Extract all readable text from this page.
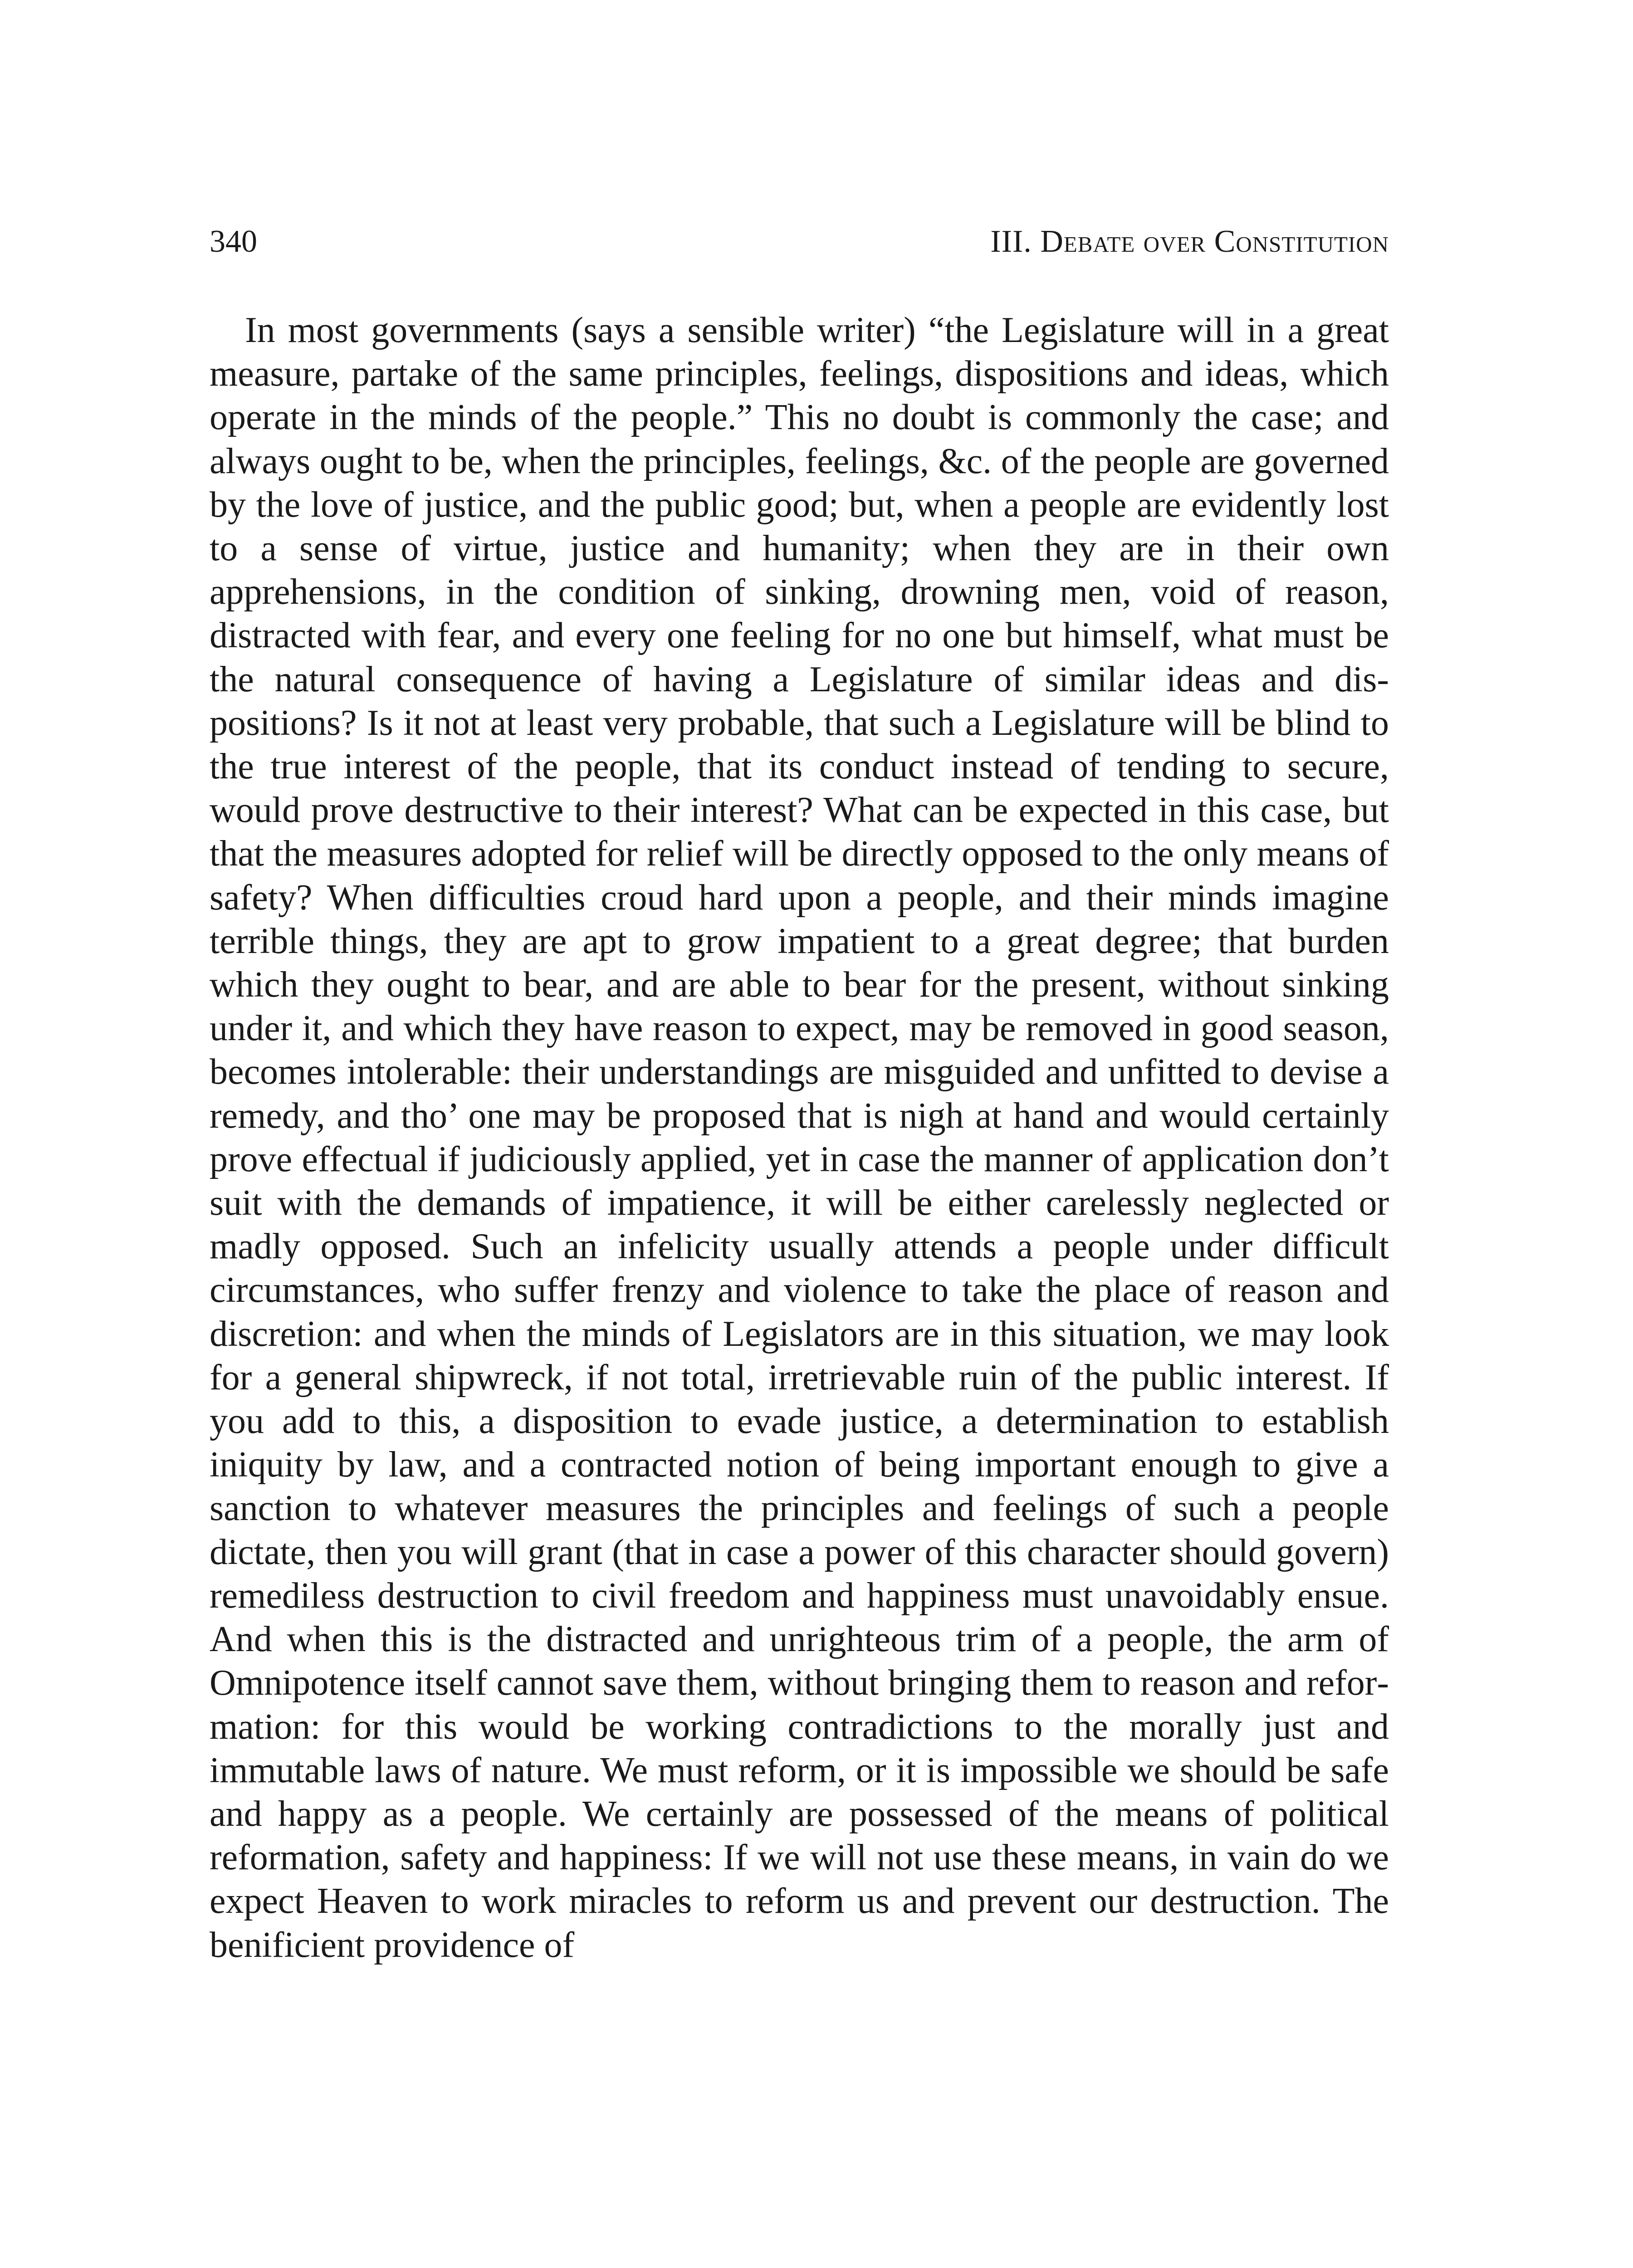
340	III. Debate over Constitution

In most governments (says a sensible writer) “the Legislature will in a great measure, partake of the same principles, feelings, dispositions and ideas, which operate in the minds of the people.” This no doubt is commonly the case; and always ought to be, when the principles, feelings, &c. of the people are governed by the love of justice, and the public good; but, when a people are evidently lost to a sense of virtue, justice and humanity; when they are in their own apprehensions, in the condition of sinking, drowning men, void of reason, distracted with fear, and every one feeling for no one but himself, what must be the natural consequence of having a Legislature of similar ideas and dispositions? Is it not at least very probable, that such a Legislature will be blind to the true interest of the people, that its conduct instead of tending to secure, would prove destructive to their interest? What can be expected in this case, but that the measures adopted for relief will be directly opposed to the only means of safety? When difficulties croud hard upon a people, and their minds imagine terrible things, they are apt to grow impatient to a great degree; that burden which they ought to bear, and are able to bear for the present, without sinking under it, and which they have reason to expect, may be removed in good season, becomes intolerable: their understandings are misguided and unfitted to devise a remedy, and tho’ one may be proposed that is nigh at hand and would certainly prove effectual if judiciously applied, yet in case the manner of application don’t suit with the demands of impatience, it will be either carelessly neglected or madly opposed. Such an infelicity usually attends a people under difficult circumstances, who suffer frenzy and violence to take the place of reason and discretion: and when the minds of Legislators are in this situation, we may look for a general shipwreck, if not total, irretrievable ruin of the public interest. If you add to this, a disposition to evade justice, a determination to establish iniquity by law, and a contracted notion of being important enough to give a sanction to whatever measures the principles and feelings of such a people dictate, then you will grant (that in case a power of this character should govern) remediless destruction to civil freedom and happiness must unavoidably ensue. And when this is the distracted and unrighteous trim of a people, the arm of Omnipotence itself cannot save them, without bringing them to reason and reformation: for this would be working contradictions to the morally just and immutable laws of nature. We must reform, or it is impossible we should be safe and happy as a people. We certainly are possessed of the means of political reformation, safety and happiness: If we will not use these means, in vain do we expect Heaven to work miracles to reform us and prevent our destruction. The benificient providence of
